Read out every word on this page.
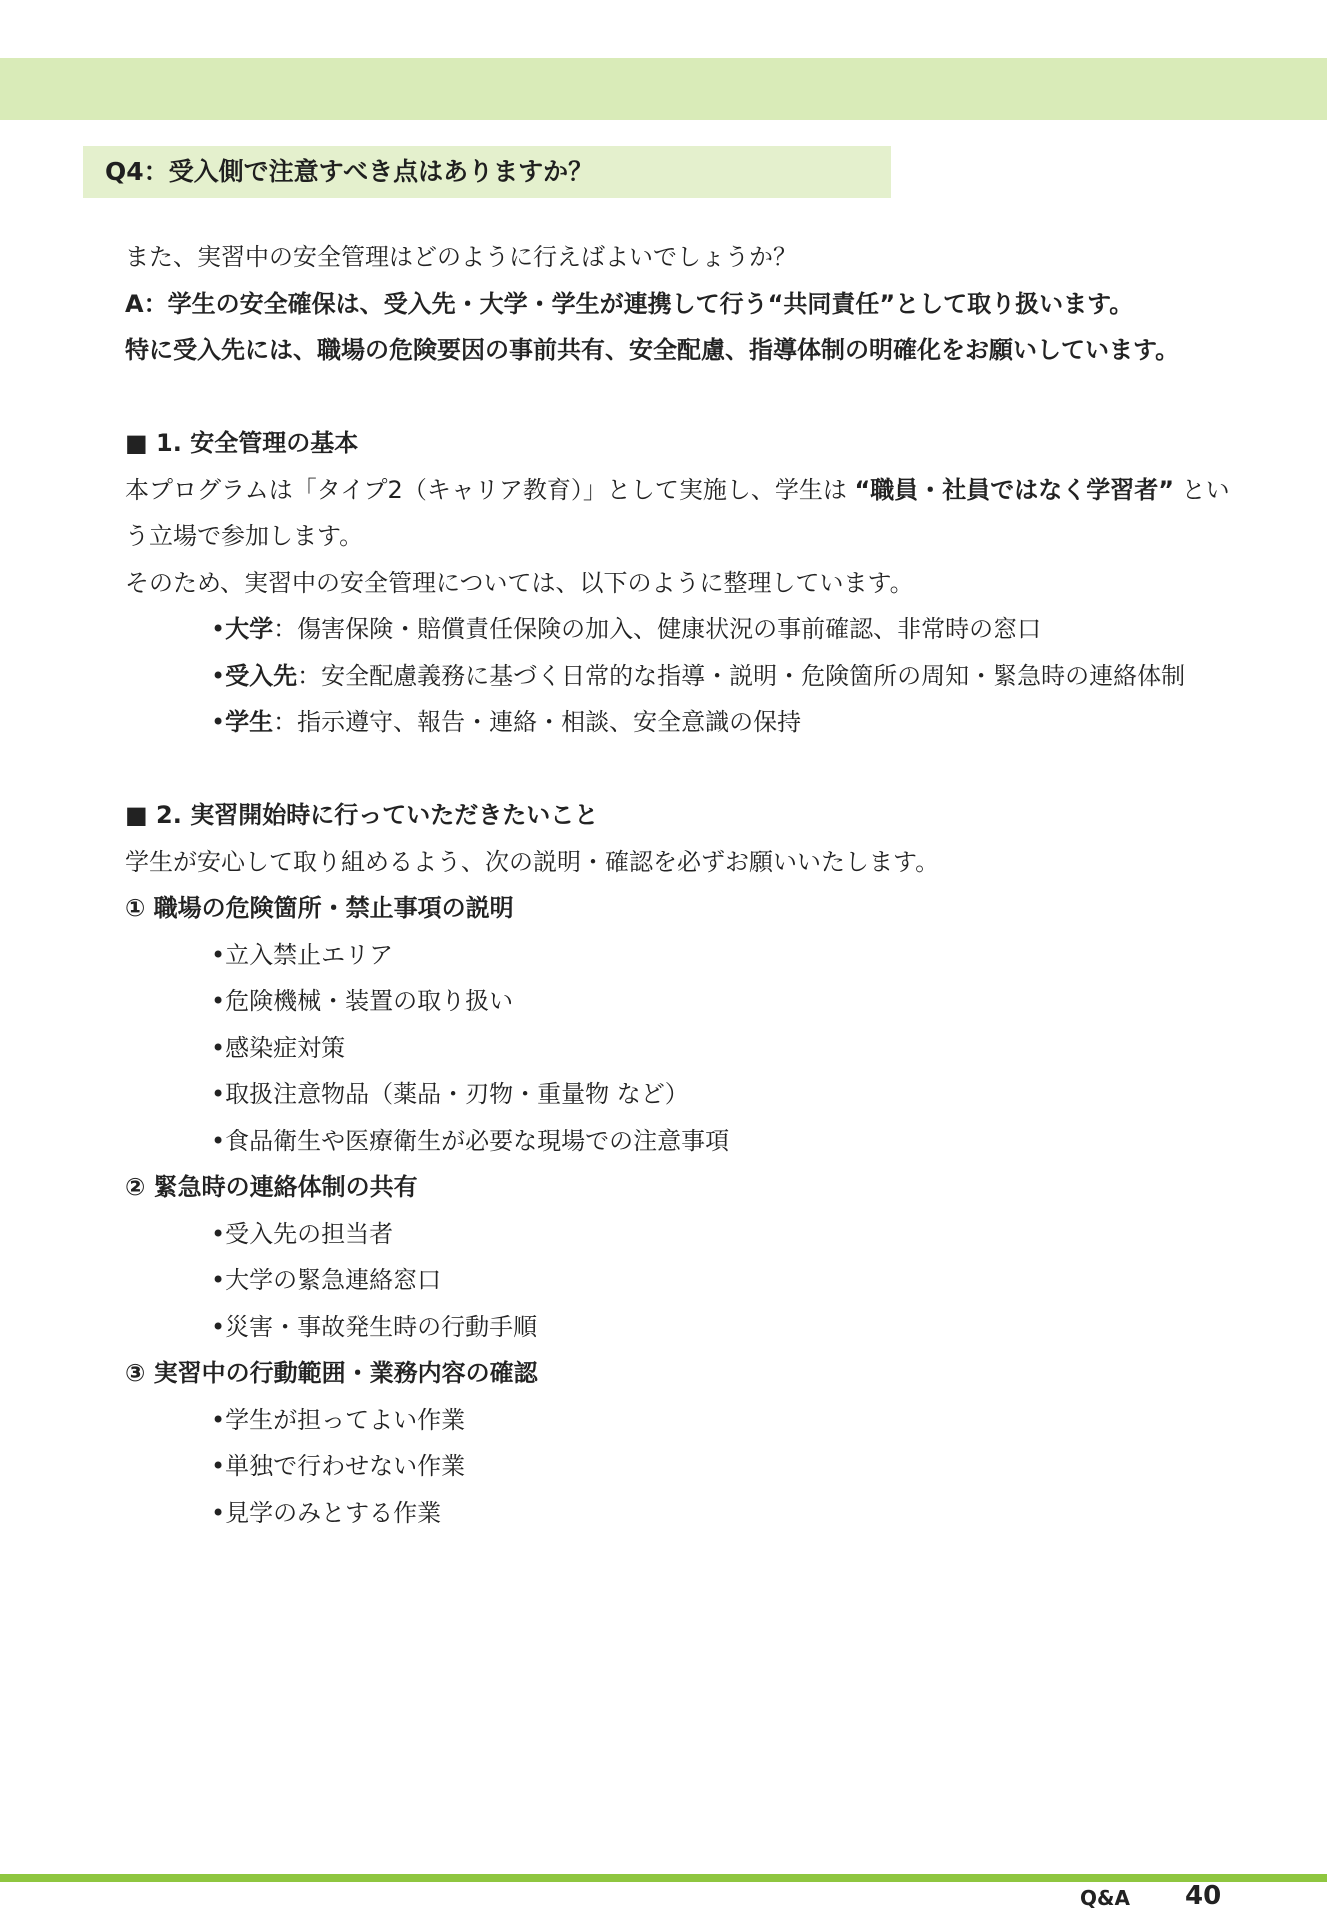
Q4：受入側で注意すべき点はありますか？
また、実習中の安全管理はどのように行えばよいでしょうか？
A：学生の安全確保は、受入先・大学・学生が連携して行う“共同責任”として取り扱います。
特に受入先には、職場の危険要因の事前共有、安全配慮、指導体制の明確化をお願いしています。
■ 1. 安全管理の基本
本プログラムは「タイプ2（キャリア教育）」として実施し、学生は “職員・社員ではなく学習者” とい
う立場で参加します。
そのため、実習中の安全管理については、以下のように整理しています。
•大学：傷害保険・賠償責任保険の加入、健康状況の事前確認、非常時の窓口
•受入先：安全配慮義務に基づく日常的な指導・説明・危険箇所の周知・緊急時の連絡体制
•学生：指示遵守、報告・連絡・相談、安全意識の保持
■ 2. 実習開始時に行っていただきたいこと
学生が安心して取り組めるよう、次の説明・確認を必ずお願いいたします。
① 職場の危険箇所・禁止事項の説明
•立入禁止エリア
•危険機械・装置の取り扱い
•感染症対策
•取扱注意物品（薬品・刃物・重量物 など）
•食品衛生や医療衛生が必要な現場での注意事項
② 緊急時の連絡体制の共有
•受入先の担当者
•大学の緊急連絡窓口
•災害・事故発生時の行動手順
③ 実習中の行動範囲・業務内容の確認
•学生が担ってよい作業
•単独で行わせない作業
•見学のみとする作業
Q&A 40
